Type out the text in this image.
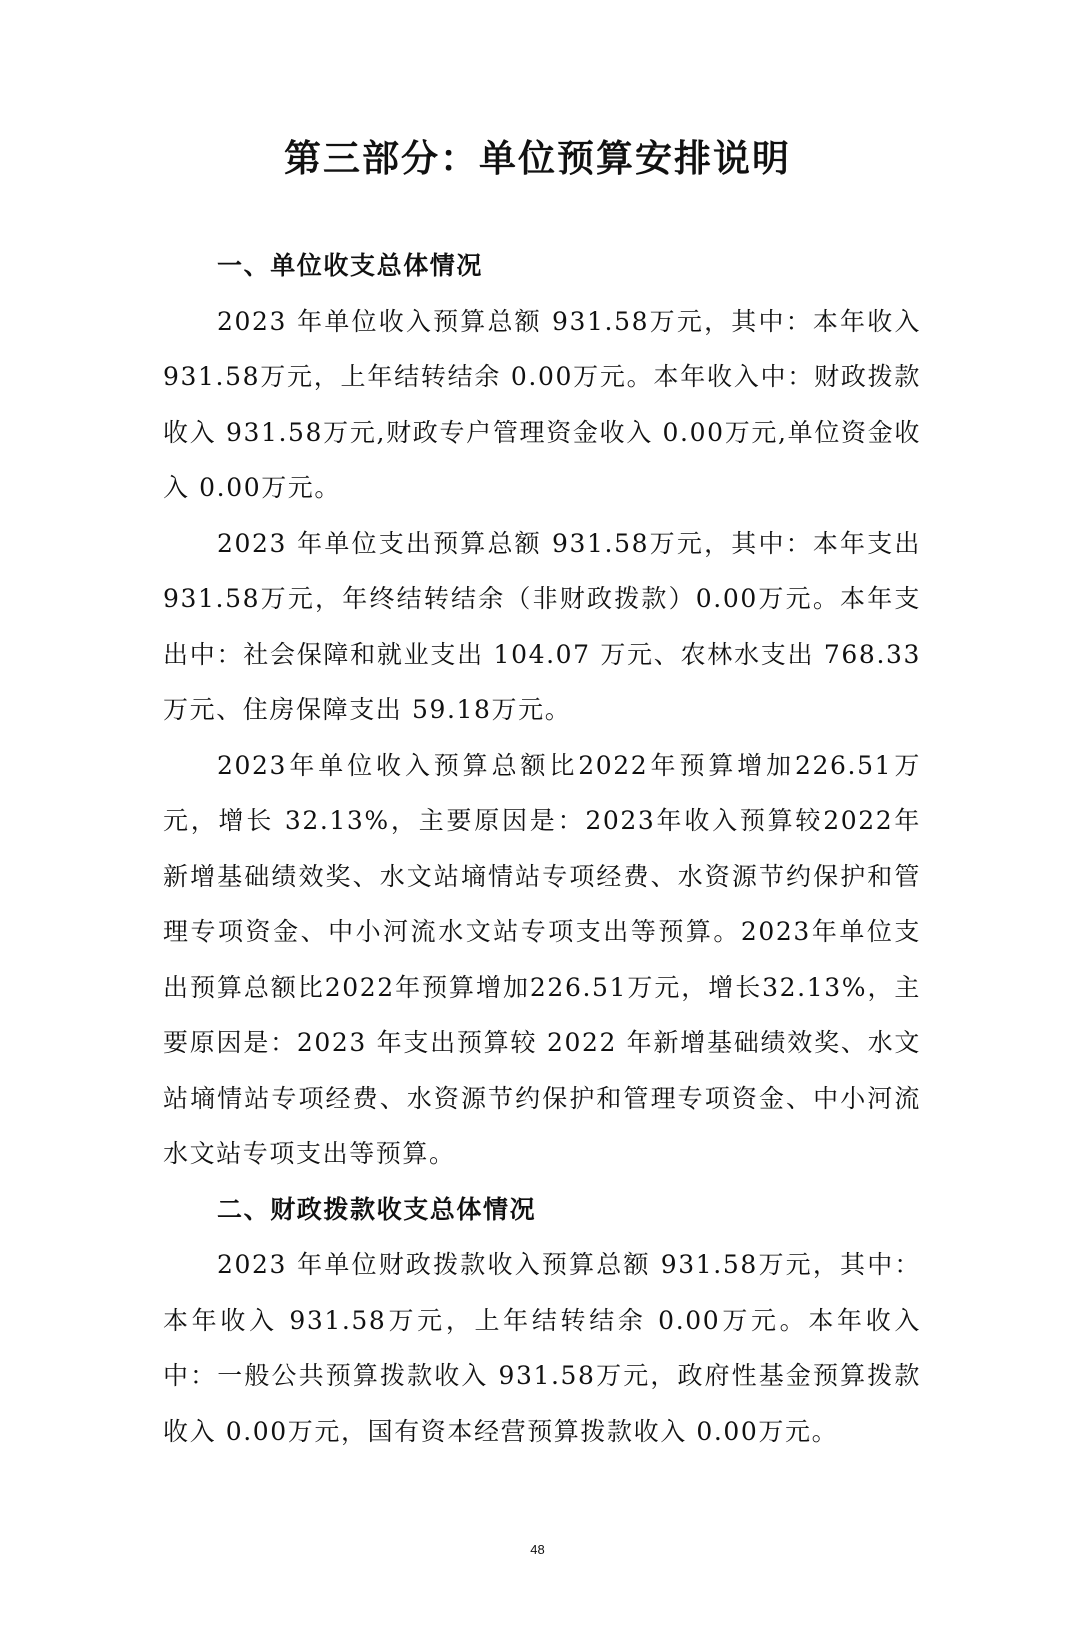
第三部分：单位预算安排说明

一、单位收支总体情况

2023 年单位收入预算总额 931.58万元，其中：本年收入 931.58万元，上年结转结余 0.00万元。本年收入中：财政拨款收入 931.58万元,财政专户管理资金收入 0.00万元,单位资金收入 0.00万元。

2023 年单位支出预算总额 931.58万元，其中：本年支出 931.58万元，年终结转结余（非财政拨款）0.00万元。本年支出中：社会保障和就业支出 104.07 万元、农林水支出 768.33万元、住房保障支出 59.18万元。

2023年单位收入预算总额比2022年预算增加226.51万元，增长 32.13%，主要原因是：2023年收入预算较2022年新增基础绩效奖、水文站墒情站专项经费、水资源节约保护和管理专项资金、中小河流水文站专项支出等预算。2023年单位支出预算总额比2022年预算增加226.51万元，增长32.13%，主要原因是：2023 年支出预算较 2022 年新增基础绩效奖、水文站墒情站专项经费、水资源节约保护和管理专项资金、中小河流水文站专项支出等预算。

二、财政拨款收支总体情况

2023 年单位财政拨款收入预算总额 931.58万元，其中：本年收入 931.58万元，上年结转结余 0.00万元。本年收入中：一般公共预算拨款收入 931.58万元，政府性基金预算拨款收入 0.00万元，国有资本经营预算拨款收入 0.00万元。

48
